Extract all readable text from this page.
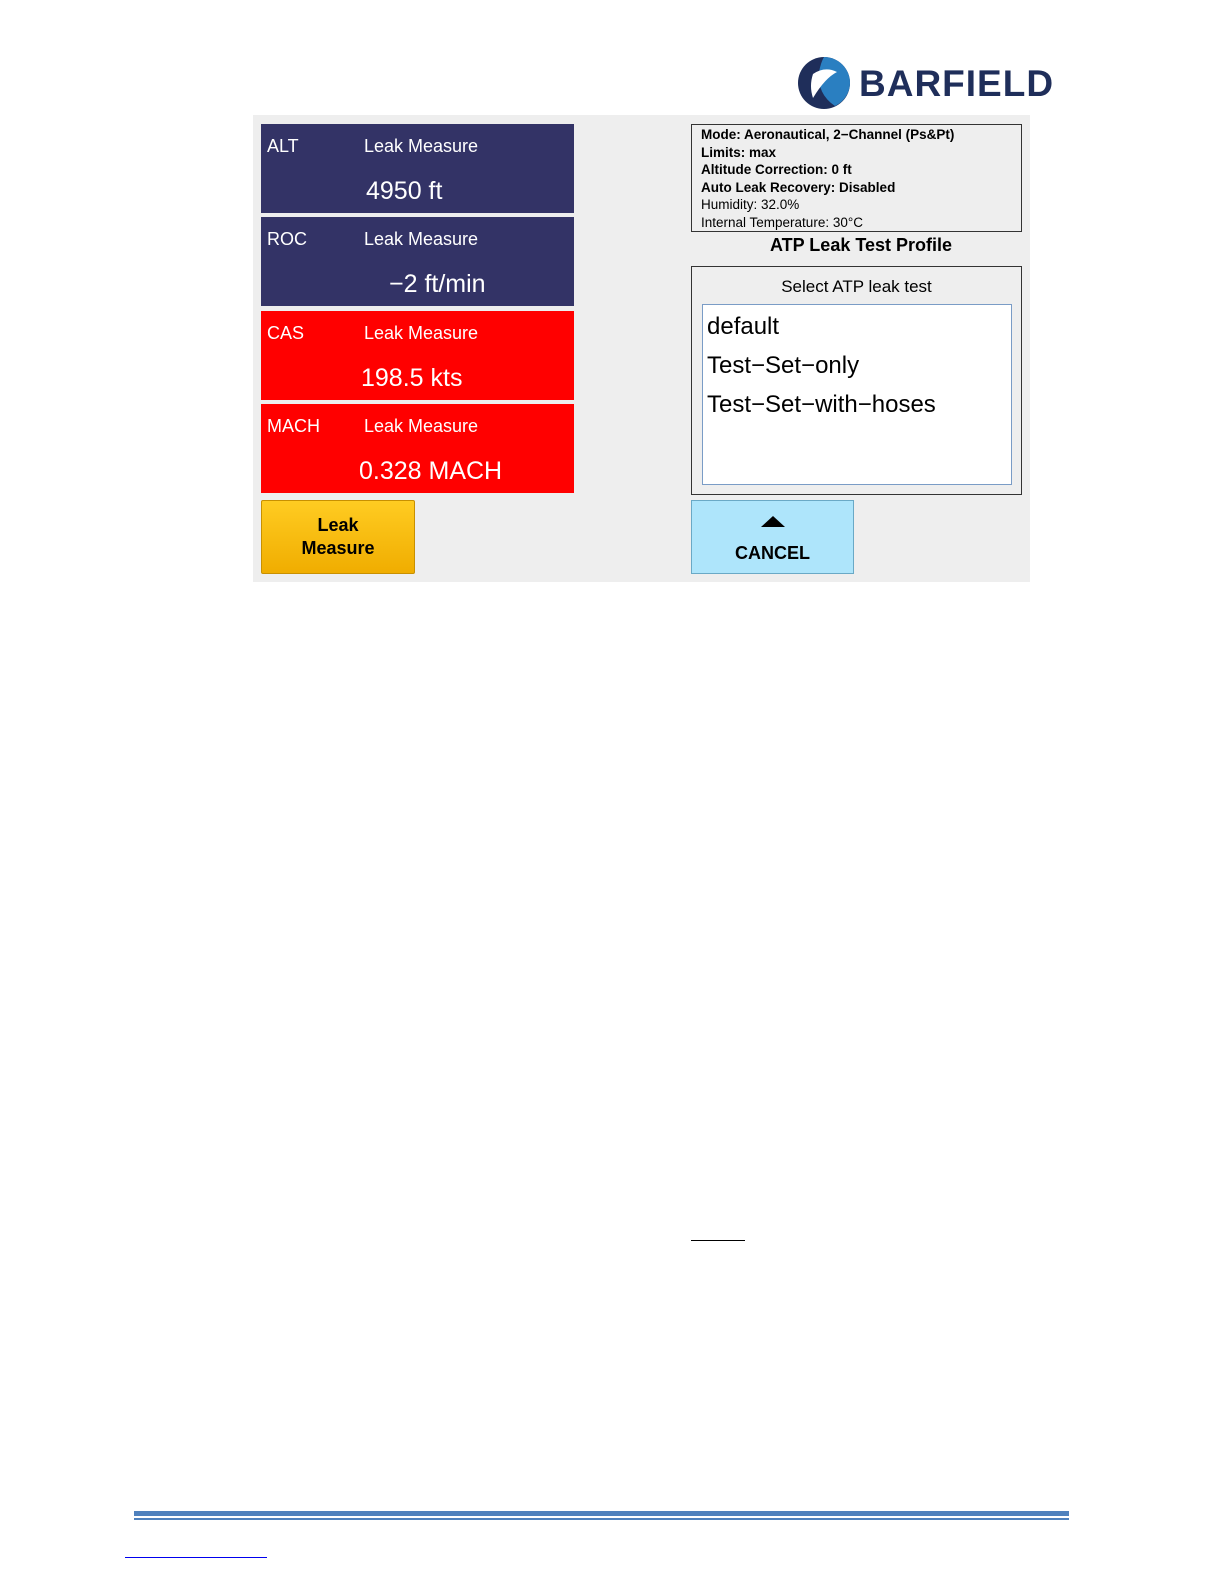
BARFIELD
ALT	Leak Measure
4950 ft
ROC	Leak Measure
−2 ft/min
CAS	Leak Measure
198.5 kts
MACH Leak Measure
0.328 MACH
Leak
Measure
Mode: Aeronautical, 2−Channel (Ps&Pt)
Limits: max
Altitude Correction: 0 ft
Auto Leak Recovery: Disabled
Humidity: 32.0%
Internal Temperature: 30°C
ATP Leak Test Profile
Select ATP leak test
default
Test−Set−only
Test−Set−with−hoses
CANCEL
